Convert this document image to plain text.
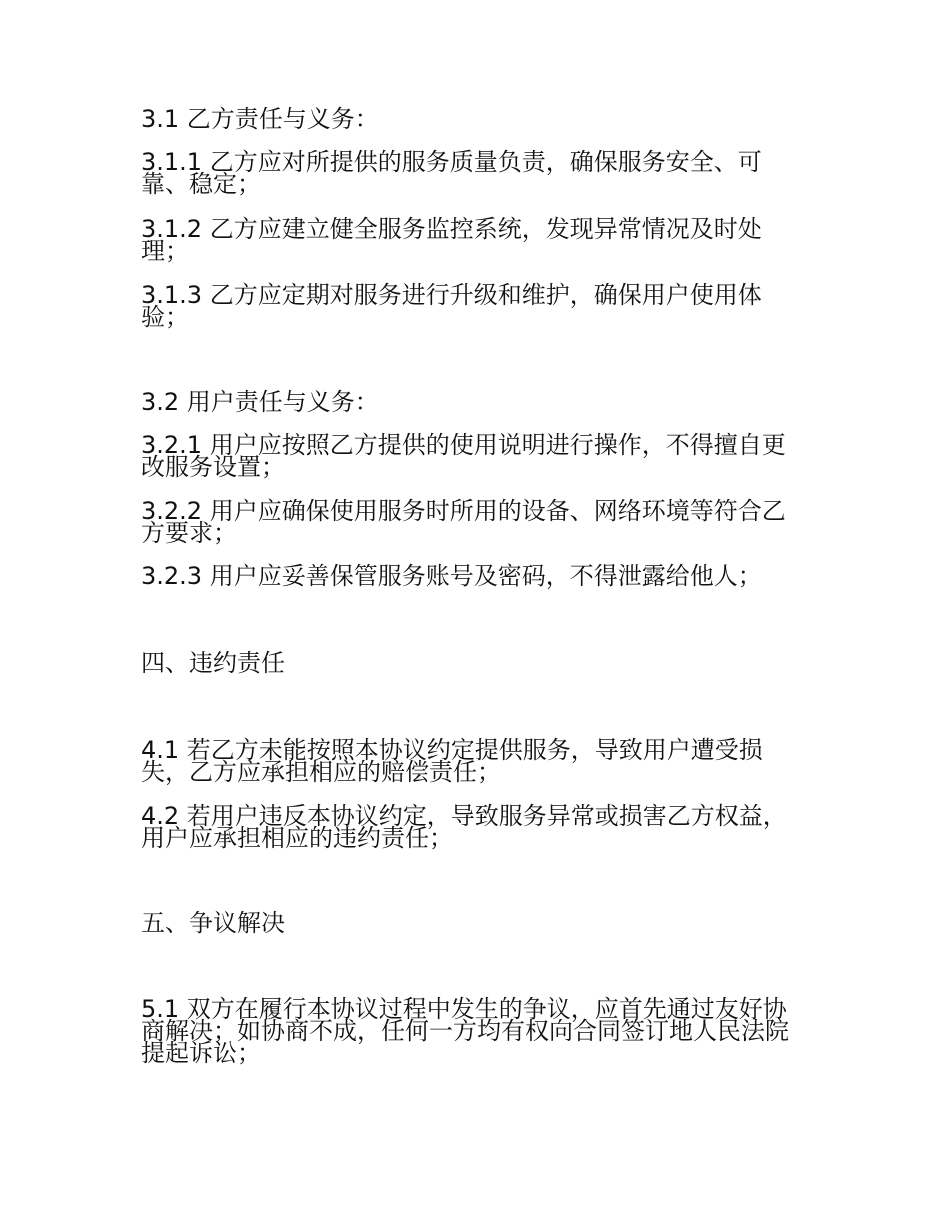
3.1 乙方责任与义务：

3.1.1 乙方应对所提供的服务质量负责，确保服务安全、可
靠、稳定；

3.1.2 乙方应建立健全服务监控系统，发现异常情况及时处
理；

3.1.3 乙方应定期对服务进行升级和维护，确保用户使用体
验；

3.2 用户责任与义务：

3.2.1 用户应按照乙方提供的使用说明进行操作，不得擅自更
改服务设置；

3.2.2 用户应确保使用服务时所用的设备、网络环境等符合乙
方要求；

3.2.3 用户应妥善保管服务账号及密码，不得泄露给他人；

四、违约责任

4.1 若乙方未能按照本协议约定提供服务，导致用户遭受损
失，乙方应承担相应的赔偿责任；

4.2 若用户违反本协议约定，导致服务异常或损害乙方权益，
用户应承担相应的违约责任；

五、争议解决

5.1 双方在履行本协议过程中发生的争议，应首先通过友好协
商解决；如协商不成，任何一方均有权向合同签订地人民法院
提起诉讼；
